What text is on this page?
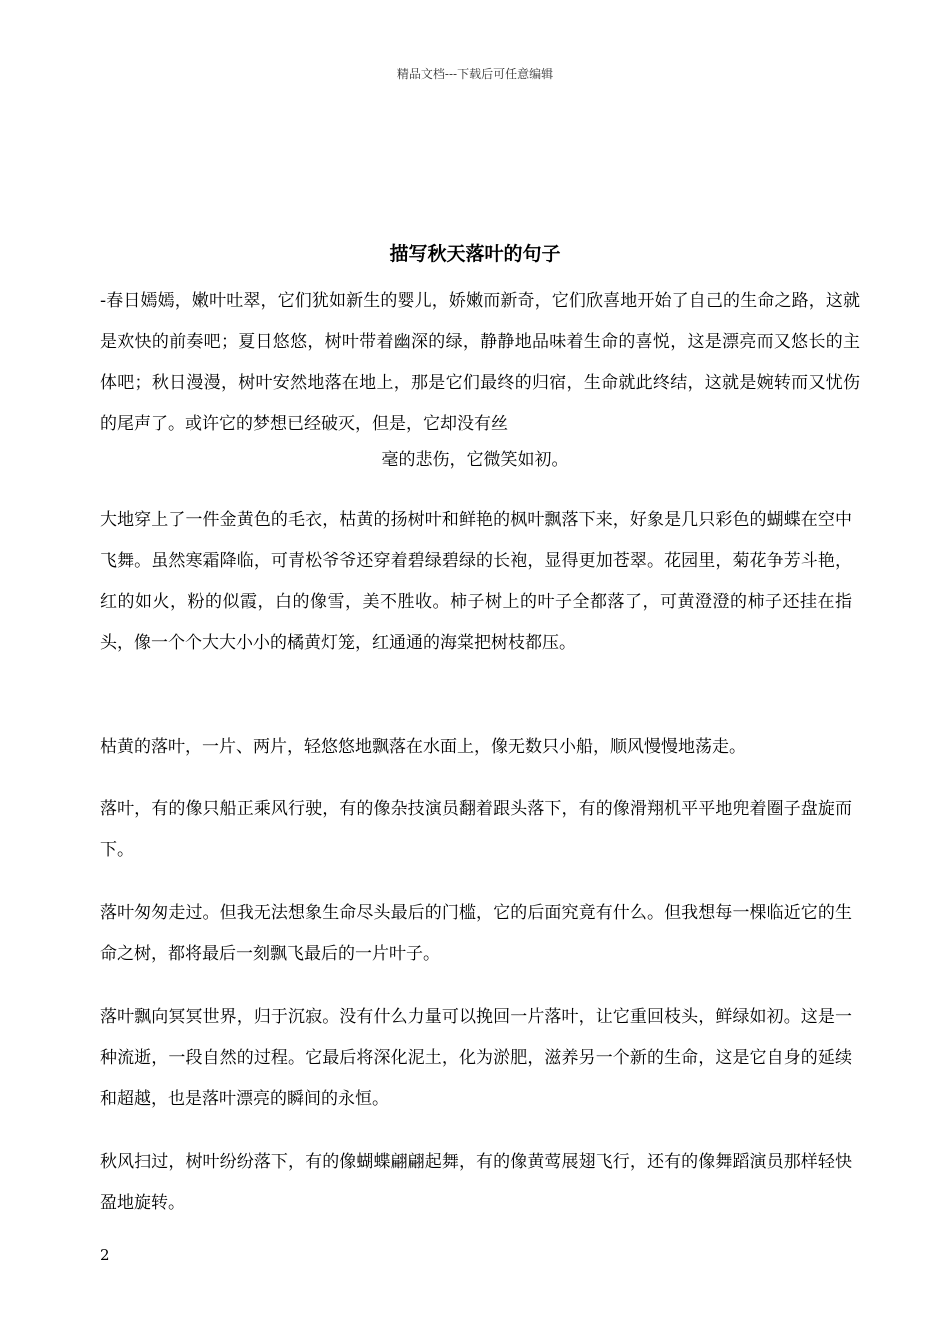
精品文档---下载后可任意编辑
描写秋天落叶的句子
-春日嫣嫣，嫩叶吐翠，它们犹如新生的婴儿，娇嫩而新奇，它们欣喜地开始了自己的生命之路，这就是欢快的前奏吧；夏日悠悠，树叶带着幽深的绿，静静地品味着生命的喜悦，这是漂亮而又悠长的主体吧；秋日漫漫，树叶安然地落在地上，那是它们最终的归宿，生命就此终结，这就是婉转而又忧伤的尾声了。或许它的梦想已经破灭，但是，它却没有丝
毫的悲伤，它微笑如初。
大地穿上了一件金黄色的毛衣，枯黄的扬树叶和鲜艳的枫叶飘落下来，好象是几只彩色的蝴蝶在空中飞舞。虽然寒霜降临，可青松爷爷还穿着碧绿碧绿的长袍，显得更加苍翠。花园里，菊花争芳斗艳，红的如火，粉的似霞，白的像雪，美不胜收。柿子树上的叶子全都落了，可黄澄澄的柿子还挂在指头，像一个个大大小小的橘黄灯笼，红通通的海棠把树枝都压。
枯黄的落叶，一片、两片，轻悠悠地飘落在水面上，像无数只小船，顺风慢慢地荡走。
落叶，有的像只船正乘风行驶，有的像杂技演员翻着跟头落下，有的像滑翔机平平地兜着圈子盘旋而下。
落叶匆匆走过。但我无法想象生命尽头最后的门槛，它的后面究竟有什么。但我想每一棵临近它的生命之树，都将最后一刻飘飞最后的一片叶子。
落叶飘向冥冥世界，归于沉寂。没有什么力量可以挽回一片落叶，让它重回枝头，鲜绿如初。这是一种流逝，一段自然的过程。它最后将深化泥土，化为淤肥，滋养另一个新的生命，这是它自身的延续和超越，也是落叶漂亮的瞬间的永恒。
秋风扫过，树叶纷纷落下，有的像蝴蝶翩翩起舞，有的像黄莺展翅飞行，还有的像舞蹈演员那样轻快盈地旋转。
2
